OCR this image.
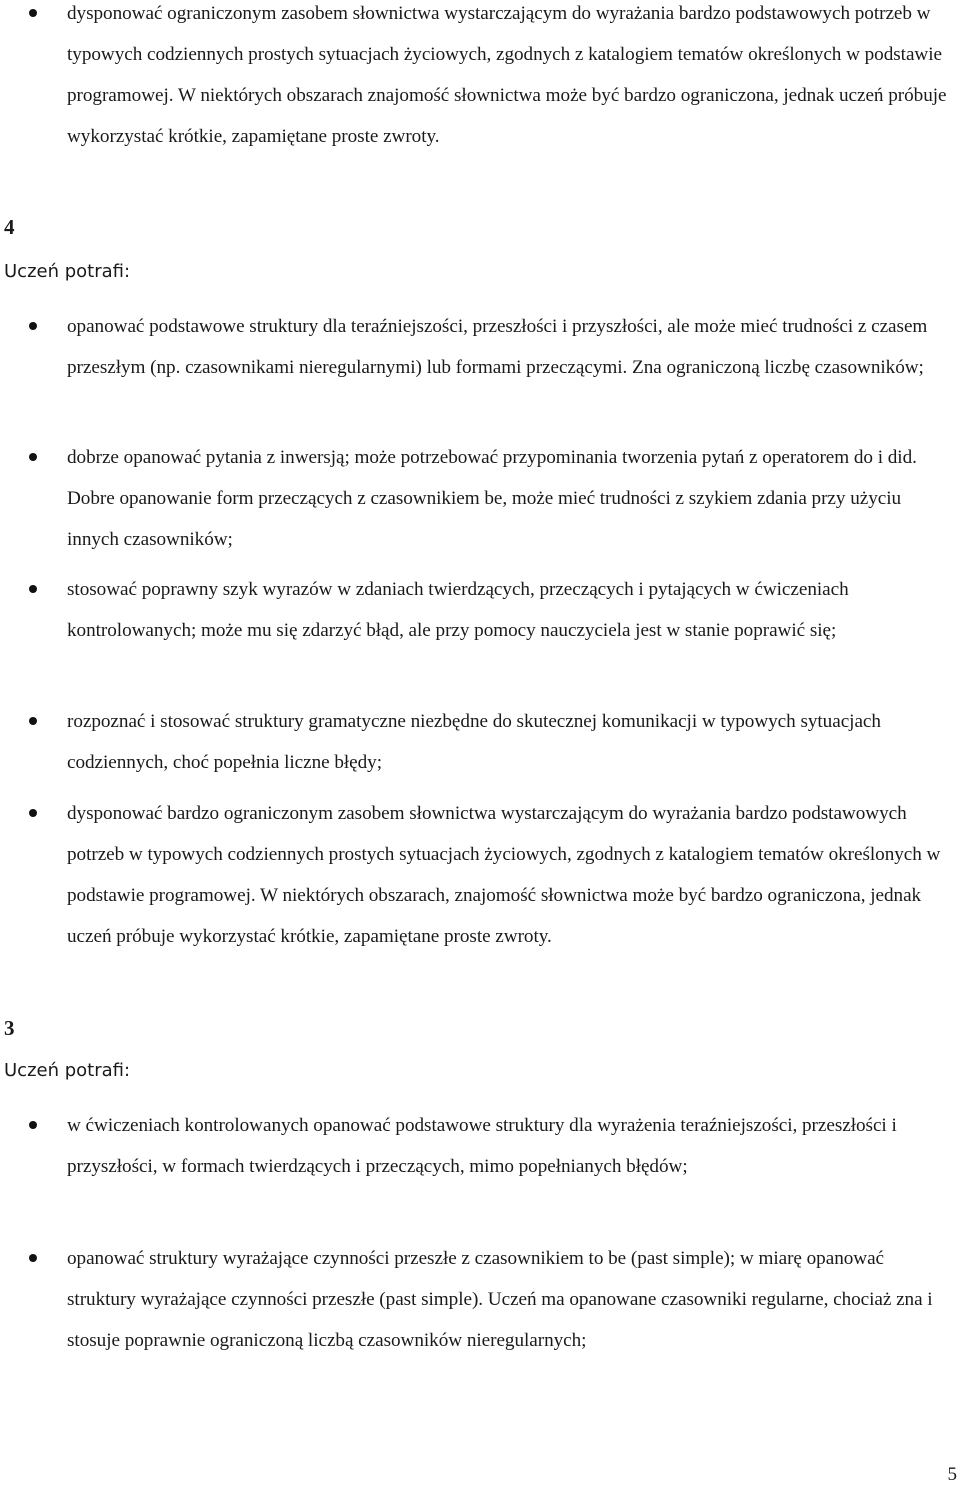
dysponować ograniczonym zasobem słownictwa wystarczającym do wyrażania bardzo podstawowych potrzeb w typowych codziennych prostych sytuacjach życiowych, zgodnych z katalogiem tematów określonych w podstawie programowej. W niektórych obszarach znajomość słownictwa może być bardzo ograniczona, jednak uczeń próbuje wykorzystać krótkie, zapamiętane proste zwroty.

4

Uczeń potrafi:

opanować podstawowe struktury dla teraźniejszości, przeszłości i przyszłości, ale może mieć trudności z czasem przeszłym (np. czasownikami nieregularnymi) lub formami przeczącymi. Zna ograniczoną liczbę czasowników;

dobrze opanować pytania z inwersją; może potrzebować przypominania tworzenia pytań z operatorem do i did. Dobre opanowanie form przeczących z czasownikiem be, może mieć trudności z szykiem zdania przy użyciu innych czasowników;

stosować poprawny szyk wyrazów w zdaniach twierdzących, przeczących i pytających w ćwiczeniach kontrolowanych; może mu się zdarzyć błąd, ale przy pomocy nauczyciela jest w stanie poprawić się;

rozpoznać i stosować struktury gramatyczne niezbędne do skutecznej komunikacji w typowych sytuacjach codziennych, choć popełnia liczne błędy;

dysponować bardzo ograniczonym zasobem słownictwa wystarczającym do wyrażania bardzo podstawowych potrzeb w typowych codziennych prostych sytuacjach życiowych, zgodnych z katalogiem tematów określonych w podstawie programowej. W niektórych obszarach, znajomość słownictwa może być bardzo ograniczona, jednak uczeń próbuje wykorzystać krótkie, zapamiętane proste zwroty.

3

Uczeń potrafi:

w ćwiczeniach kontrolowanych opanować podstawowe struktury dla wyrażenia teraźniejszości, przeszłości i przyszłości, w formach twierdzących i przeczących, mimo popełnianych błędów;

opanować struktury wyrażające czynności przeszłe z czasownikiem to be (past simple); w miarę opanować struktury wyrażające czynności przeszłe (past simple). Uczeń ma opanowane czasowniki regularne, chociaż zna i stosuje poprawnie ograniczoną liczbą czasowników nieregularnych;

5
